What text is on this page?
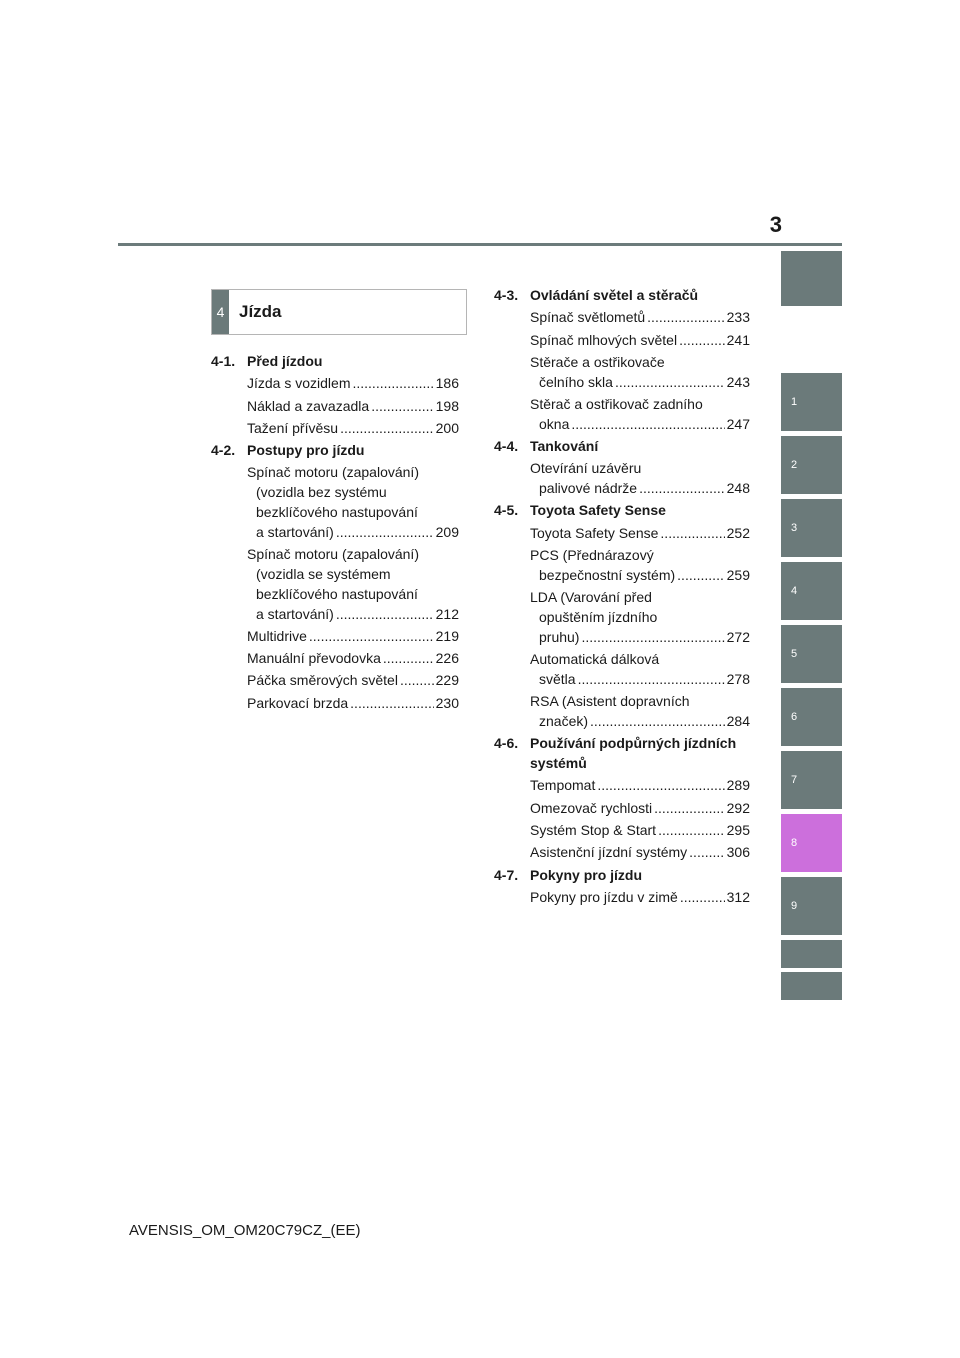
3
1
2
3
4
5
6
7
8
9
4 Jízda
4-1. Před jízdou
Jízda s vozidlem .....	186
Náklad a zavazadla .....	198
Tažení přívěsu .....	200
4-2. Postupy pro jízdu
Spínač motoru (zapalování)
(vozidla bez systému
bezklíčového nastupování
a startování) .....	209
Spínač motoru (zapalování)
(vozidla se systémem
bezklíčového nastupování
a startování) .....	212
Multidrive .....	219
Manuální převodovka .....	226
Páčka směrových světel .....	229
Parkovací brzda .....	230
4-3. Ovládání světel a stěračů
Spínač světlometů .....	233
Spínač mlhových světel .....	241
Stěrače a ostřikovače
čelního skla .....	243
Stěrač a ostřikovač zadního
okna .....	247
4-4. Tankování
Otevírání uzávěru
palivové nádrže .....	248
4-5. Toyota Safety Sense
Toyota Safety Sense .....	252
PCS (Přednárazový
bezpečnostní systém) .....	259
LDA (Varování před
opuštěním jízdního
pruhu) .....	272
Automatická dálková
světla .....	278
RSA (Asistent dopravních
značek) .....	284
4-6. Používání podpůrných jízdních systémů
Tempomat .....	289
Omezovač rychlosti .....	292
Systém Stop & Start .....	295
Asistenční jízdní systémy .....	306
4-7. Pokyny pro jízdu
Pokyny pro jízdu v zimě .....	312
AVENSIS_OM_OM20C79CZ_(EE)
